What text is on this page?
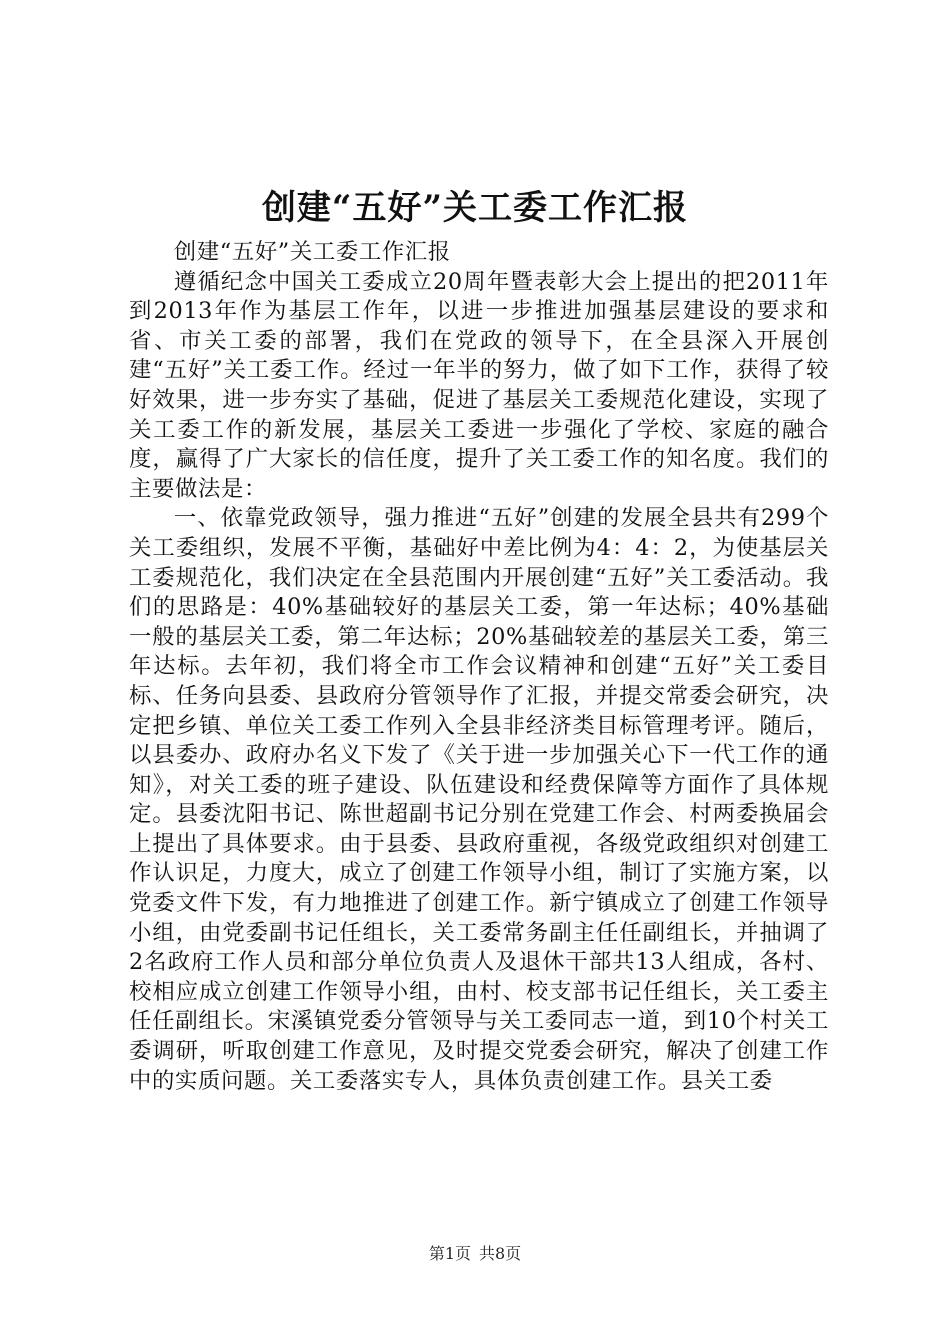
创建“五好”关工委工作汇报

创建“五好”关工委工作汇报

遵循纪念中国关工委成立20周年暨表彰大会上提出的把2011年到2013年作为基层工作年，以进一步推进加强基层建设的要求和省、市关工委的部署，我们在党政的领导下，在全县深入开展创建“五好”关工委工作。经过一年半的努力，做了如下工作，获得了较好效果，进一步夯实了基础，促进了基层关工委规范化建设，实现了关工委工作的新发展，基层关工委进一步强化了学校、家庭的融合度，赢得了广大家长的信任度，提升了关工委工作的知名度。我们的主要做法是：

一、依靠党政领导，强力推进“五好”创建的发展全县共有299个关工委组织，发展不平衡，基础好中差比例为4：4：2，为使基层关工委规范化，我们决定在全县范围内开展创建“五好”关工委活动。我们的思路是：40%基础较好的基层关工委，第一年达标；40%基础一般的基层关工委，第二年达标；20%基础较差的基层关工委，第三年达标。去年初，我们将全市工作会议精神和创建“五好”关工委目标、任务向县委、县政府分管领导作了汇报，并提交常委会研究，决定把乡镇、单位关工委工作列入全县非经济类目标管理考评。随后，以县委办、政府办名义下发了《关于进一步加强关心下一代工作的通知》，对关工委的班子建设、队伍建设和经费保障等方面作了具体规定。县委沈阳书记、陈世超副书记分别在党建工作会、村两委换届会上提出了具体要求。由于县委、县政府重视，各级党政组织对创建工作认识足，力度大，成立了创建工作领导小组，制订了实施方案，以党委文件下发，有力地推进了创建工作。新宁镇成立了创建工作领导小组，由党委副书记任组长，关工委常务副主任任副组长，并抽调了2名政府工作人员和部分单位负责人及退休干部共13人组成，各村、校相应成立创建工作领导小组，由村、校支部书记任组长，关工委主任任副组长。宋溪镇党委分管领导与关工委同志一道，到10个村关工委调研，听取创建工作意见，及时提交党委会研究，解决了创建工作中的实质问题。关工委落实专人，具体负责创建工作。县关工委

第1页 共8页
